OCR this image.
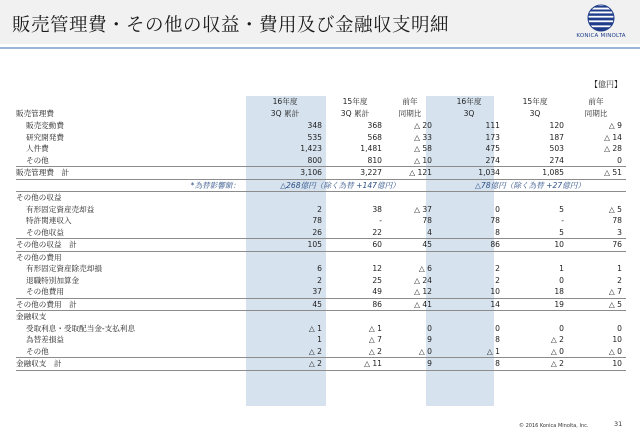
販売管理費・その他の収益・費用及び金融収支明細	KONICA MINOLTA
【億円】
	16年度	15年度	前年	16年度	15年度	前年
販売管理費	3Q 累計	3Q 累計	同期比	3Q	3Q	同期比
販売変動費	348	368	△ 20	111	120	△ 9
研究開発費	535	568	△ 33	173	187	△ 14
人件費	1,423	1,481	△ 58	475	503	△ 28
その他	800	810	△ 10	274	274	0
販売管理費　計	3,106	3,227	△ 121	1,034	1,085	△ 51
*為替影響額：	△268億円（除く為替 +147億円）			△78億円（除く為替 +27億円）		
その他の収益						
有形固定資産売却益	2	38	△ 37	0	5	△ 5
特許関連収入	78	-	78	78	-	78
その他収益	26	22	4	8	5	3
その他の収益　計	105	60	45	86	10	76
その他の費用						
有形固定資産除売却損	6	12	△ 6	2	1	1
退職特別加算金	2	25	△ 24	2	0	2
その他費用	37	49	△ 12	10	18	△ 7
その他の費用　計	45	86	△ 41	14	19	△ 5
金融収支						
受取利息・受取配当金-支払利息	△ 1	△ 1	0	0	0	0
為替差損益	1	△ 7	9	8	△ 2	10
その他	△ 2	△ 2	△ 0	△ 1	△ 0	△ 0
金融収支　計	△ 2	△ 11	9	8	△ 2	10
© 2016 Konica Minolta, Inc.	31
